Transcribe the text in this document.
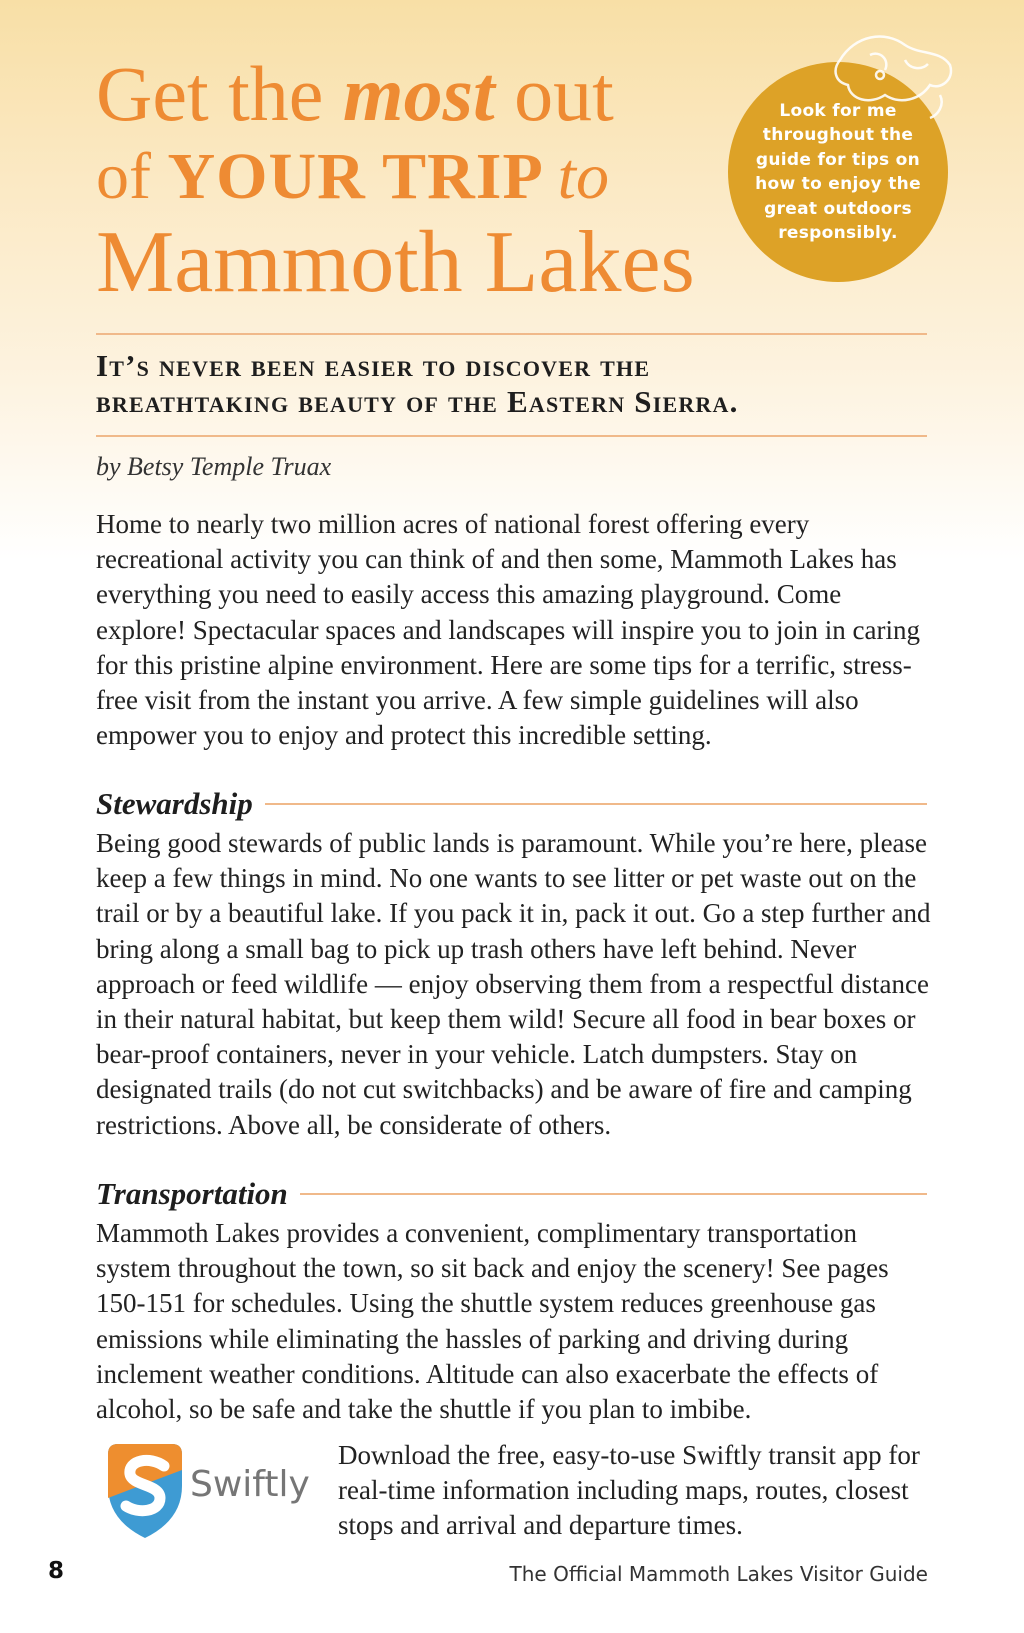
Get the most out
of YOUR TRIP to
Mammoth Lakes
Look for me throughout the guide for tips on how to enjoy the great outdoors responsibly.
It’s never been easier to discover the
breathtaking beauty of the Eastern Sierra.
by Betsy Temple Truax

Home to nearly two million acres of national forest offering every recreational activity you can think of and then some, Mammoth Lakes has everything you need to easily access this amazing playground. Come explore! Spectacular spaces and landscapes will inspire you to join in caring for this pristine alpine environment. Here are some tips for a terrific, stress-free visit from the instant you arrive. A few simple guidelines will also empower you to enjoy and protect this incredible setting.

Stewardship

Being good stewards of public lands is paramount. While you’re here, please keep a few things in mind. No one wants to see litter or pet waste out on the trail or by a beautiful lake. If you pack it in, pack it out. Go a step further and bring along a small bag to pick up trash others have left behind. Never approach or feed wildlife — enjoy observing them from a respectful distance in their natural habitat, but keep them wild! Secure all food in bear boxes or bear-proof containers, never in your vehicle. Latch dumpsters. Stay on designated trails (do not cut switchbacks) and be aware of fire and camping restrictions. Above all, be considerate of others.

Transportation

Mammoth Lakes provides a convenient, complimentary transportation system throughout the town, so sit back and enjoy the scenery! See pages 150-151 for schedules. Using the shuttle system reduces greenhouse gas emissions while eliminating the hassles of parking and driving during inclement weather conditions. Altitude can also exacerbate the effects of alcohol, so be safe and take the shuttle if you plan to imbibe.

Swiftly

Download the free, easy-to-use Swiftly transit app for real-time information including maps, routes, closest stops and arrival and departure times.

8	The Official Mammoth Lakes Visitor Guide
